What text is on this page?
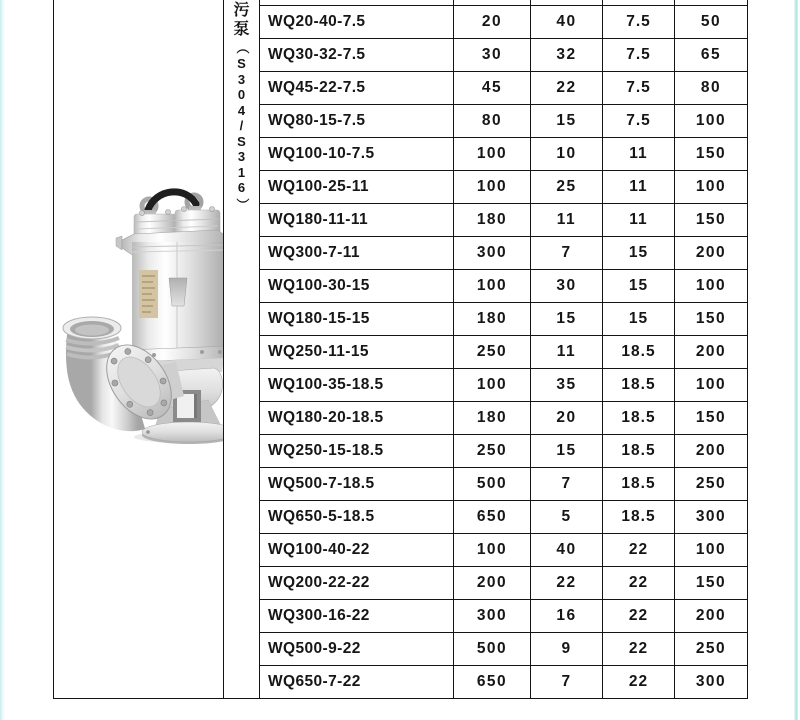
污
泵
（
S
3
0
4
/
S
3
1
6
）
WQ20-40-7.5	20	40	7.5	50
WQ30-32-7.5	30	32	7.5	65
WQ45-22-7.5	45	22	7.5	80
WQ80-15-7.5	80	15	7.5	100
WQ100-10-7.5	100	10	11	150
WQ100-25-11	100	25	11	100
WQ180-11-11	180	11	11	150
WQ300-7-11	300	7	15	200
WQ100-30-15	100	30	15	100
WQ180-15-15	180	15	15	150
WQ250-11-15	250	11	18.5	200
WQ100-35-18.5	100	35	18.5	100
WQ180-20-18.5	180	20	18.5	150
WQ250-15-18.5	250	15	18.5	200
WQ500-7-18.5	500	7	18.5	250
WQ650-5-18.5	650	5	18.5	300
WQ100-40-22	100	40	22	100
WQ200-22-22	200	22	22	150
WQ300-16-22	300	16	22	200
WQ500-9-22	500	9	22	250
WQ650-7-22	650	7	22	300
